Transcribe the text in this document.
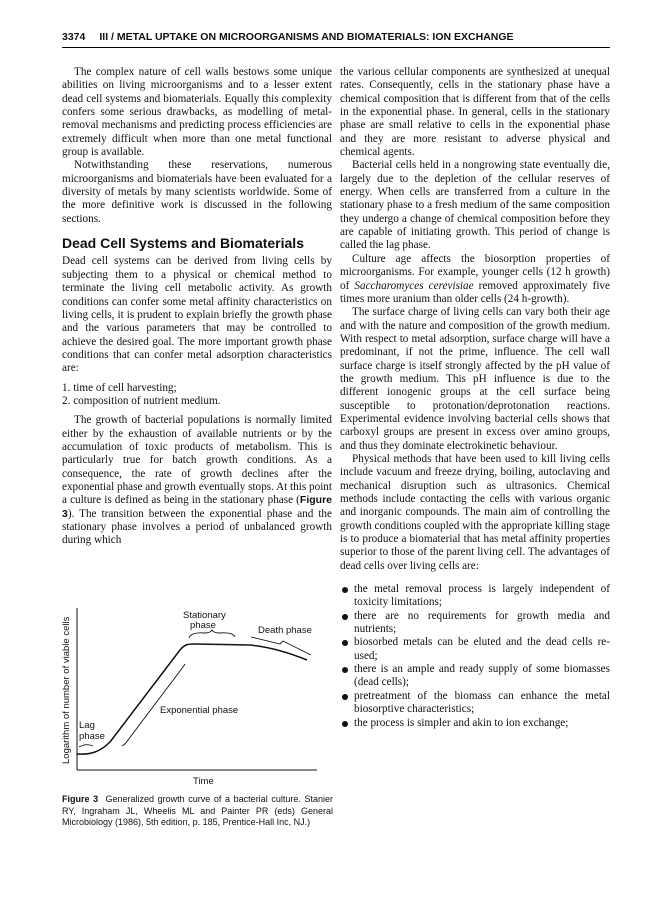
3374 III / METAL UPTAKE ON MICROORGANISMS AND BIOMATERIALS: ION EXCHANGE

The complex nature of cell walls bestows some unique abilities on living microorganisms and to a lesser extent dead cell systems and biomaterials. Equally this complexity confers some serious drawbacks, as modelling of metal-removal mechanisms and predicting process efficiencies are extremely difficult when more than one metal functional group is available.

Notwithstanding these reservations, numerous microorganisms and biomaterials have been evaluated for a diversity of metals by many scientists worldwide. Some of the more definitive work is discussed in the following sections.

Dead Cell Systems and Biomaterials

Dead cell systems can be derived from living cells by subjecting them to a physical or chemical method to terminate the living cell metabolic activity. As growth conditions can confer some metal affinity characteristics on living cells, it is prudent to explain briefly the growth phase and the various parameters that may be controlled to achieve the desired goal. The more important growth phase conditions that can confer metal adsorption characteristics are:

1. time of cell harvesting;
2. composition of nutrient medium.

The growth of bacterial populations is normally limited either by the exhaustion of available nutrients or by the accumulation of toxic products of metabolism. This is particularly true for batch growth conditions. As a consequence, the rate of growth declines after the exponential phase and growth eventually stops. At this point a culture is defined as being in the stationary phase (Figure 3). The transition between the exponential phase and the stationary phase involves a period of unbalanced growth during which

Logarithm of number of viable cells Lag
phase
Exponential phase
Stationary
phase	Death phase
Time
Figure 3 Generalized growth curve of a bacterial culture. Stanier RY, Ingraham JL, Wheelis ML and Painter PR (eds) General Microbiology (1986), 5th edition, p. 185, Prentice-Hall Inc, NJ.)

the various cellular components are synthesized at unequal rates. Consequently, cells in the stationary phase have a chemical composition that is different from that of the cells in the exponential phase. In general, cells in the stationary phase are small relative to cells in the exponential phase and they are more resistant to adverse physical and chemical agents.

Bacterial cells held in a nongrowing state eventually die, largely due to the depletion of the cellular reserves of energy. When cells are transferred from a culture in the stationary phase to a fresh medium of the same composition they undergo a change of chemical composition before they are capable of initiating growth. This period of change is called the lag phase.

Culture age affects the biosorption properties of microorganisms. For example, younger cells (12 h growth) of Saccharomyces cerevisiae removed approximately five times more uranium than older cells (24 h-growth).

The surface charge of living cells can vary both their age and with the nature and composition of the growth medium. With respect to metal adsorption, surface charge will have a predominant, if not the prime, influence. The cell wall surface charge is itself strongly affected by the pH value of the growth medium. This pH influence is due to the different ionogenic groups at the cell surface being susceptible to protonation/deprotonation reactions. Experimental evidence involving bacterial cells shows that carboxyl groups are present in excess over amino groups, and thus they dominate electrokinetic behaviour.

Physical methods that have been used to kill living cells include vacuum and freeze drying, boiling, autoclaving and mechanical disruption such as ultrasonics. Chemical methods include contacting the cells with various organic and inorganic compounds. The main aim of controlling the growth conditions coupled with the appropriate killing stage is to produce a biomaterial that has metal affinity properties superior to those of the parent living cell. The advantages of dead cells over living cells are:

the metal removal process is largely independent of toxicity limitations;
there are no requirements for growth media and nutrients;
biosorbed metals can be eluted and the dead cells re-used;
there is an ample and ready supply of some biomasses (dead cells);
pretreatment of the biomass can enhance the metal biosorptive characteristics;
the process is simpler and akin to ion exchange;
